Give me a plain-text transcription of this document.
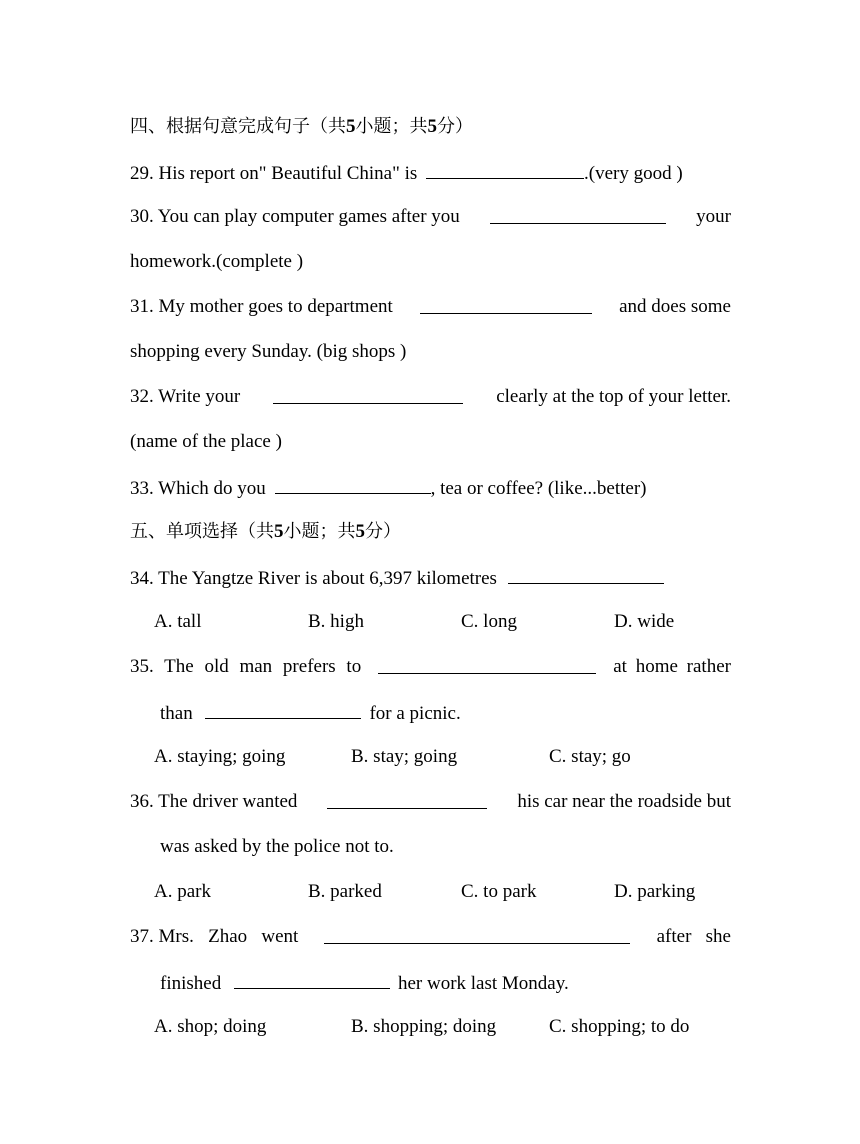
四、根据句意完成句子（共5小题；共5分）
29. His report on" Beautiful China" is	.(very good )
30. You can play computer games after you	your
homework.(complete )
31. My mother goes to department	and does some
shopping every Sunday. (big shops )
32. Write your	clearly at the top of your letter.
(name of the place )
33. Which do you	, tea or coffee? (like...better)
五、单项选择（共5小题；共5分）
34. The Yangtze River is about 6,397 kilometres
A. tall	B. high	C. long	D. wide
35. The old man prefers to	at home rather
than	for a picnic.
A. staying; going	B. stay; going	C. stay; go
36. The driver wanted	his car near the roadside but
was asked by the police not to.
A. park	B. parked	C. to park	D. parking
37. Mrs.   Zhao   went	after   she
finished	her work last Monday.
A. shop; doing	B. shopping; doing	C. shopping; to do
